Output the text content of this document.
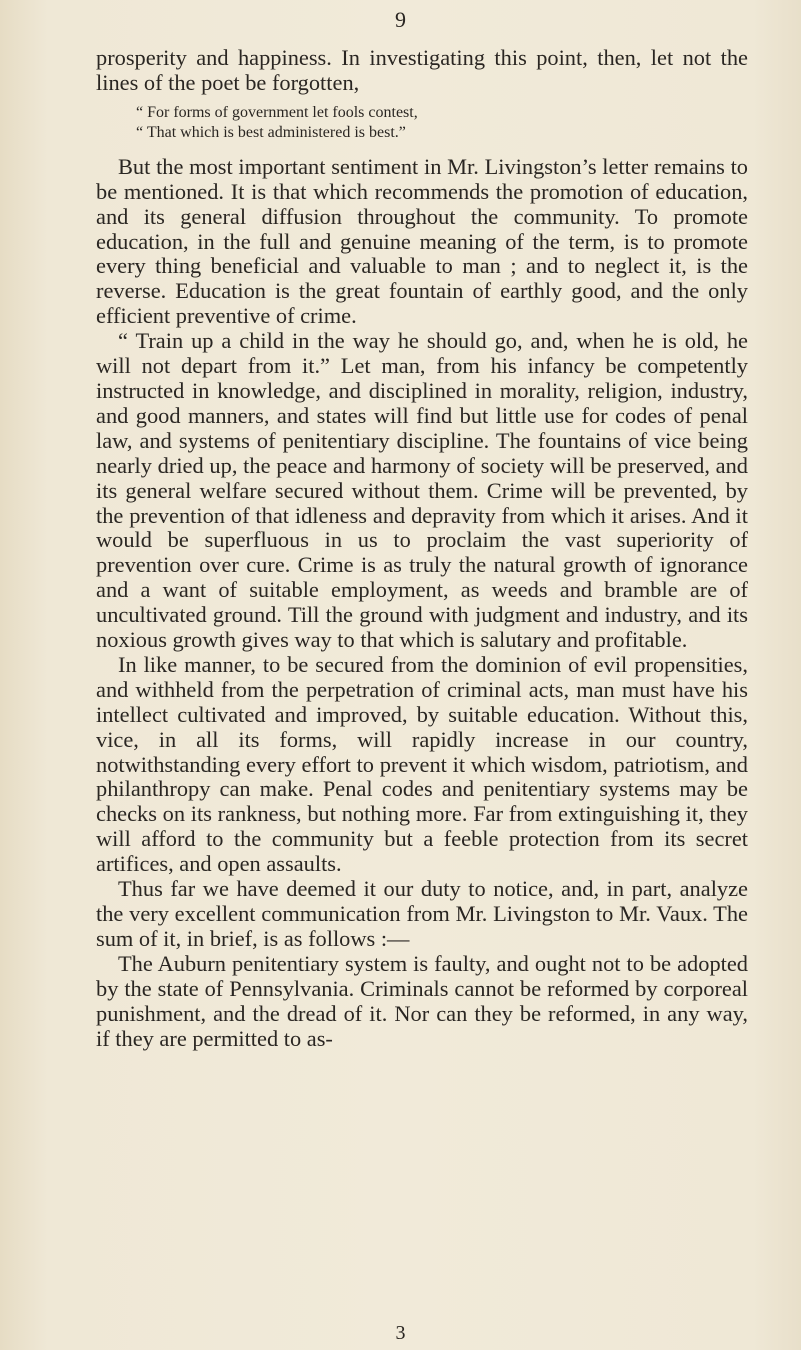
9

prosperity and happiness. In investigating this point, then, let not the lines of the poet be forgotten,

“ For forms of government let fools contest,
“ That which is best administered is best.”

But the most important sentiment in Mr. Livingston’s letter remains to be mentioned. It is that which recommends the promotion of education, and its general diffusion throughout the community. To promote education, in the full and genuine meaning of the term, is to promote every thing beneficial and valuable to man ; and to neglect it, is the reverse. Education is the great fountain of earthly good, and the only efficient preventive of crime.

“ Train up a child in the way he should go, and, when he is old, he will not depart from it.” Let man, from his infancy be competently instructed in knowledge, and disciplined in morality, religion, industry, and good manners, and states will find but little use for codes of penal law, and systems of penitentiary discipline. The fountains of vice being nearly dried up, the peace and harmony of society will be preserved, and its general welfare secured without them. Crime will be prevented, by the prevention of that idleness and depravity from which it arises. And it would be superfluous in us to proclaim the vast superiority of prevention over cure. Crime is as truly the natural growth of ignorance and a want of suitable employment, as weeds and bramble are of uncultivated ground. Till the ground with judgment and industry, and its noxious growth gives way to that which is salutary and profitable.

In like manner, to be secured from the dominion of evil propensities, and withheld from the perpetration of criminal acts, man must have his intellect cultivated and improved, by suitable education. Without this, vice, in all its forms, will rapidly increase in our country, notwithstanding every effort to prevent it which wisdom, patriotism, and philanthropy can make. Penal codes and penitentiary systems may be checks on its rankness, but nothing more. Far from extinguishing it, they will afford to the community but a feeble protection from its secret artifices, and open assaults.

Thus far we have deemed it our duty to notice, and, in part, analyze the very excellent communication from Mr. Livingston to Mr. Vaux. The sum of it, in brief, is as follows :—

The Auburn penitentiary system is faulty, and ought not to be adopted by the state of Pennsylvania. Criminals cannot be reformed by corporeal punishment, and the dread of it. Nor can they be reformed, in any way, if they are permitted to as-

3
